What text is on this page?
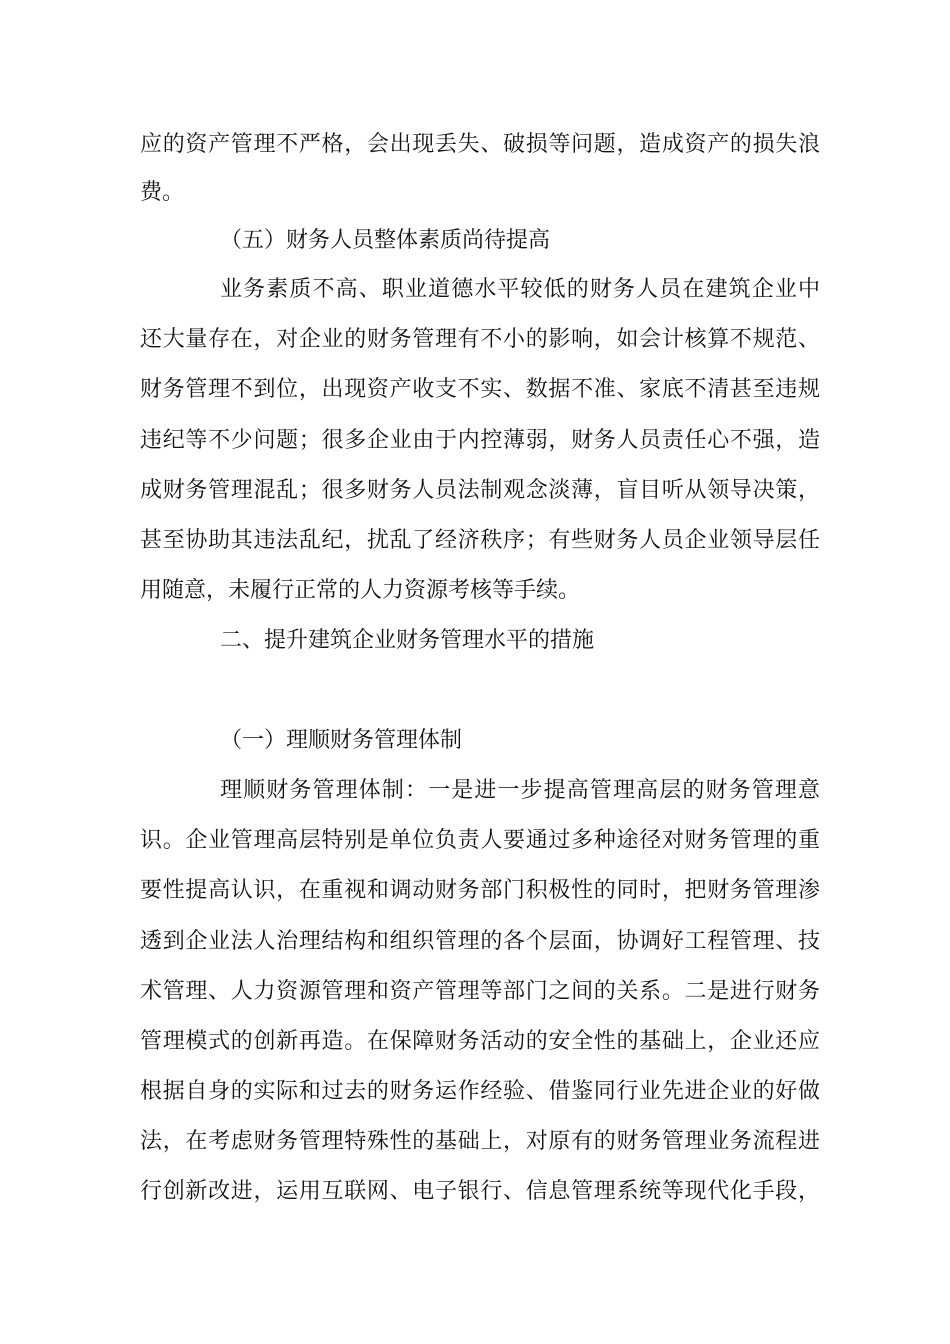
应的资产管理不严格，会出现丢失、破损等问题，造成资产的损失浪
费。
（五）财务人员整体素质尚待提高
业务素质不高、职业道德水平较低的财务人员在建筑企业中
还大量存在，对企业的财务管理有不小的影响，如会计核算不规范、
财务管理不到位，出现资产收支不实、数据不准、家底不清甚至违规
违纪等不少问题；很多企业由于内控薄弱，财务人员责任心不强，造
成财务管理混乱；很多财务人员法制观念淡薄，盲目听从领导决策，
甚至协助其违法乱纪，扰乱了经济秩序；有些财务人员企业领导层任
用随意，未履行正常的人力资源考核等手续。
二、提升建筑企业财务管理水平的措施
（一）理顺财务管理体制
理顺财务管理体制：一是进一步提高管理高层的财务管理意
识。企业管理高层特别是单位负责人要通过多种途径对财务管理的重
要性提高认识，在重视和调动财务部门积极性的同时，把财务管理渗
透到企业法人治理结构和组织管理的各个层面，协调好工程管理、技
术管理、人力资源管理和资产管理等部门之间的关系。二是进行财务
管理模式的创新再造。在保障财务活动的安全性的基础上，企业还应
根据自身的实际和过去的财务运作经验、借鉴同行业先进企业的好做
法，在考虑财务管理特殊性的基础上，对原有的财务管理业务流程进
行创新改进，运用互联网、电子银行、信息管理系统等现代化手段，
